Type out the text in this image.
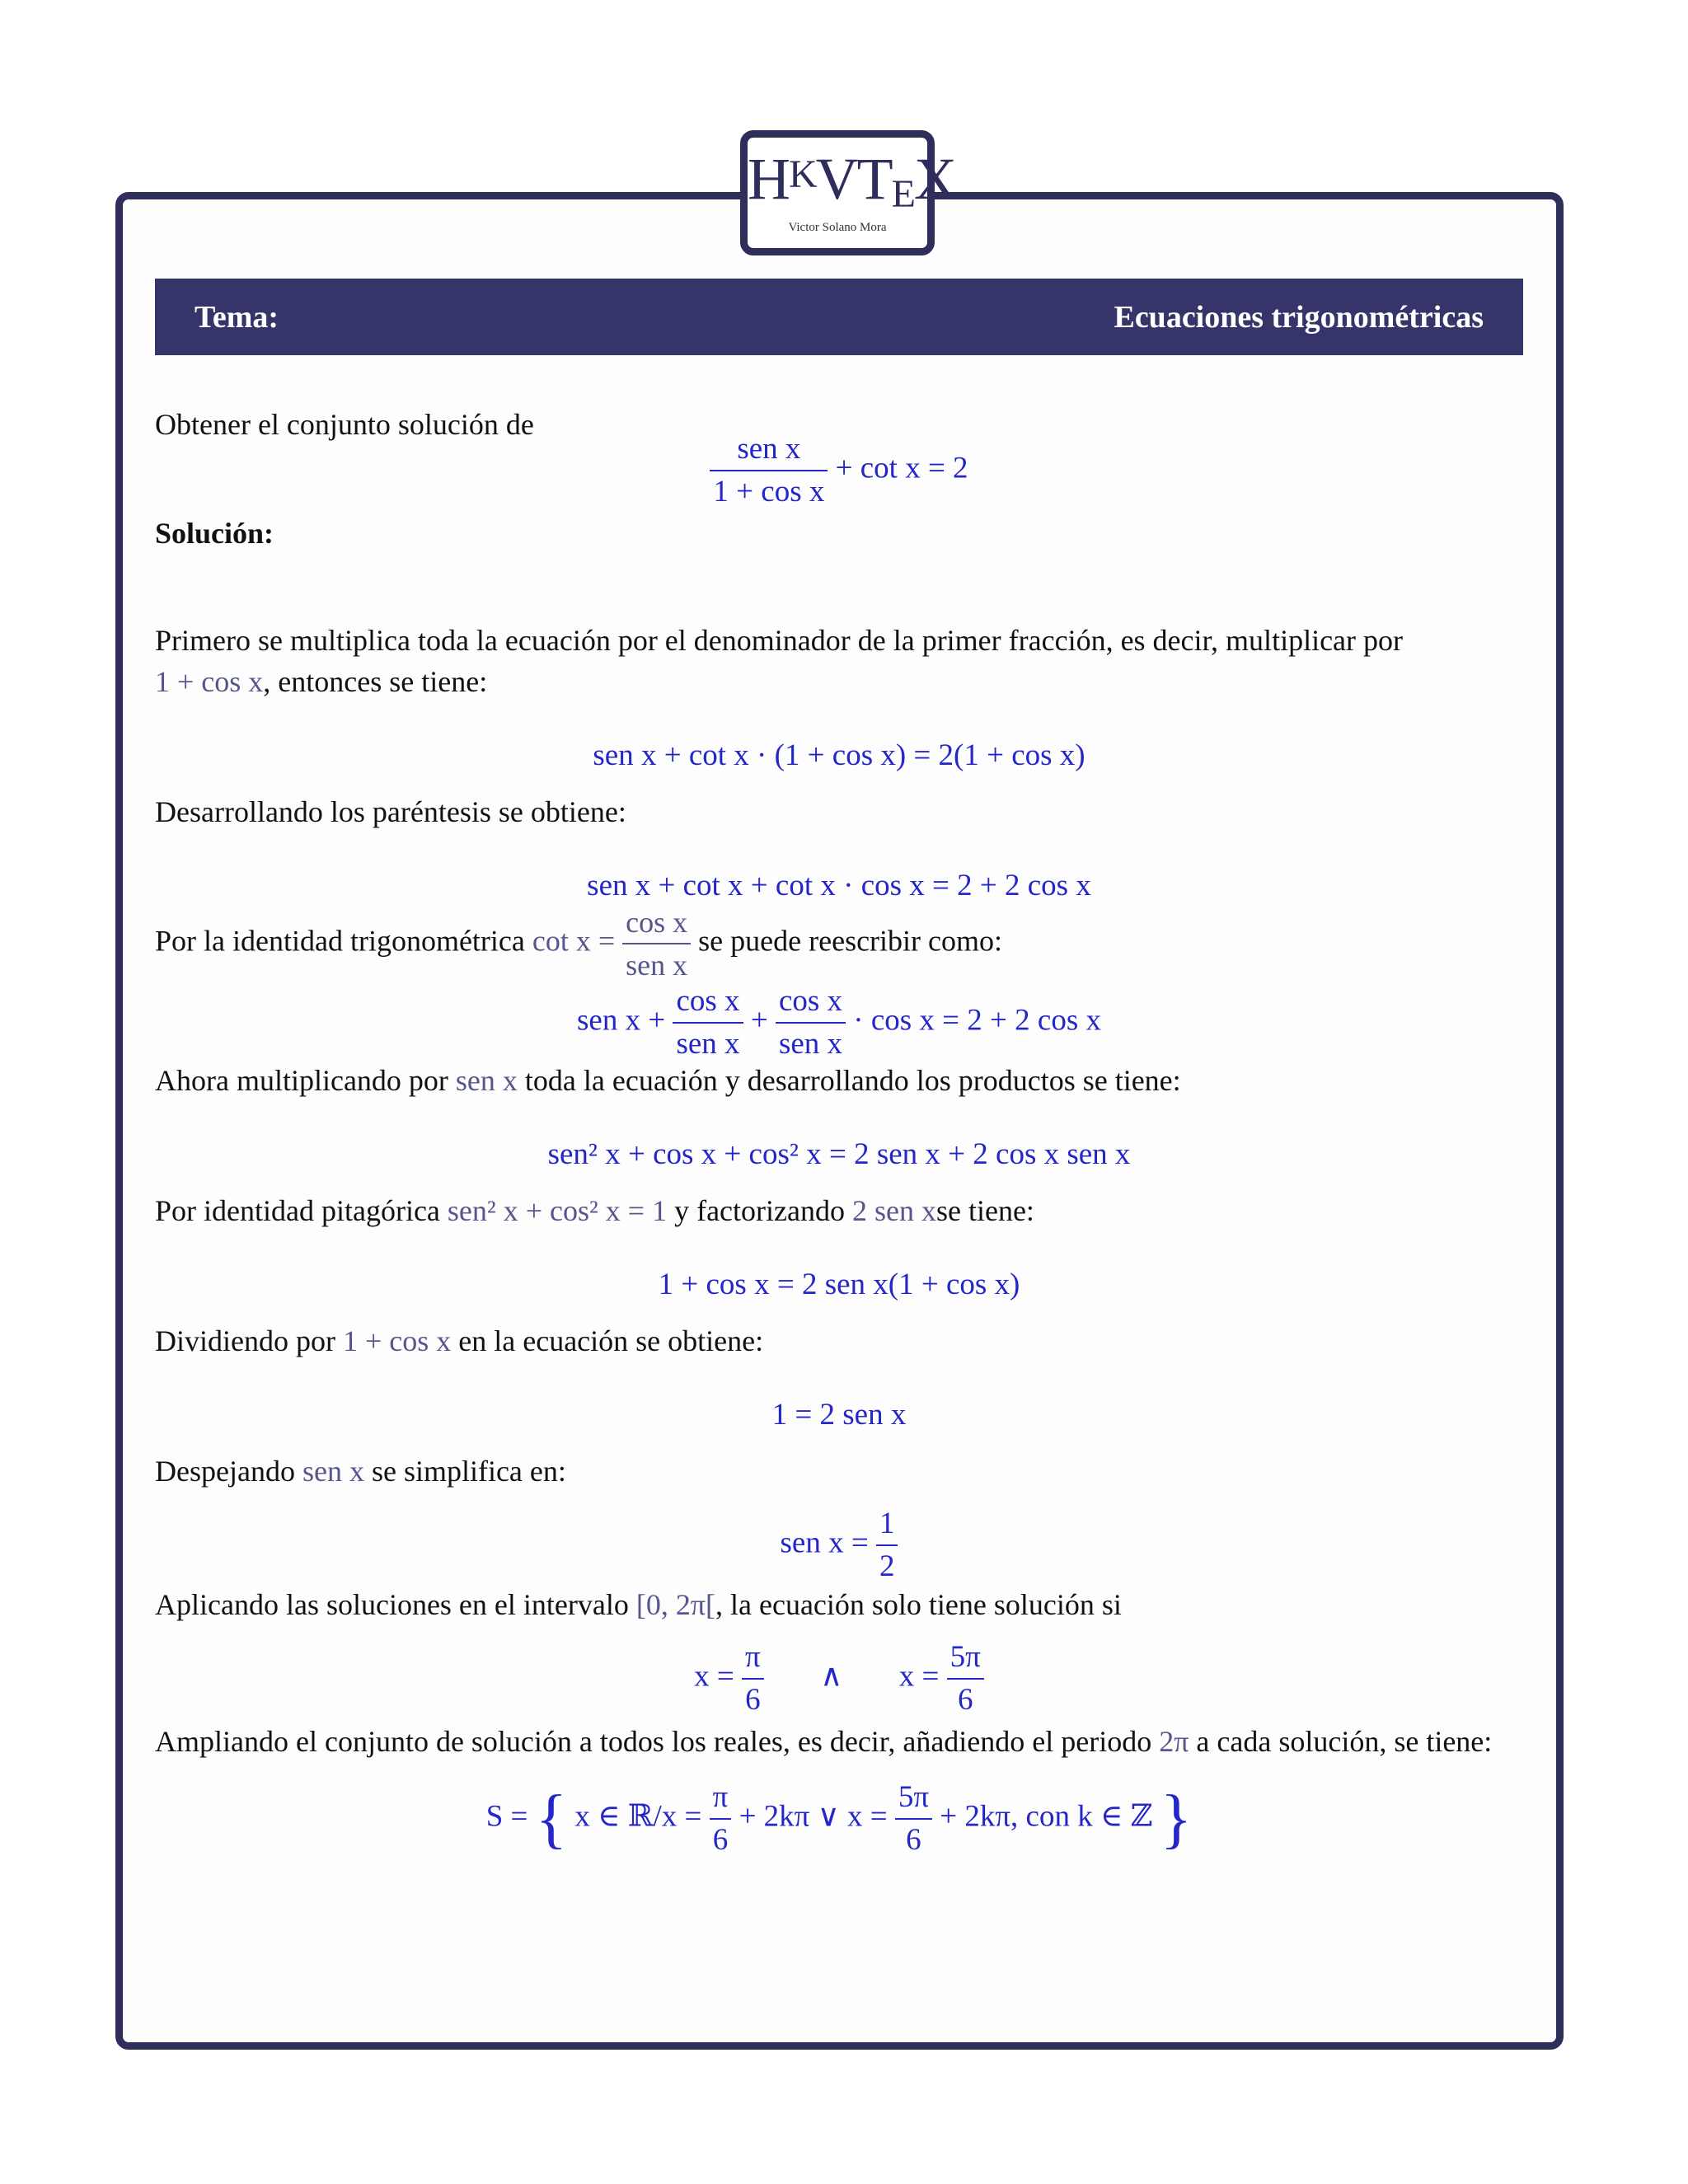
HKVTEX
Victor Solano Mora
Tema:	Ecuaciones trigonométricas

Obtener el conjunto solución de

$\frac{\text{sen x}}{\text{1 + cos x}} + \cot x = 2$

Solución:

Primero se multiplica toda la ecuación por el denominador de la primer fracción, es decir, multiplicar por 1 + cos x, entonces se tiene:

sen x + cot x · (1 + cos x) = 2(1 + cos x)

Desarrollando los paréntesis se obtiene:

sen x + cot x + cot x · cos x = 2 + 2 cos x

Por la identidad trigonométrica $\cot x = \frac{\text{cos x}}{\text{sen x}}$ se puede reescribir como:

sen $x + \frac{\text{cos x}}{\text{sen x}} + \frac{\text{cos x}}{\text{sen x}} \cdot \cos x = 2 + 2$ cos x

Ahora multiplicando por sen x toda la ecuación y desarrollando los productos se tiene:

sen² x + cos x + cos² x = 2 sen x + 2 cos x sen x

Por identidad pitagórica sen² x + cos² x = 1 y factorizando 2 sen xse tiene:

1 + cos x = 2 sen x(1 + cos x)

Dividiendo por 1 + cos x en la ecuación se obtiene:

1 = 2 sen x

Despejando sen x se simplifica en:

sen $x = \frac{1}{2}$

Aplicando las soluciones en el intervalo [0, 2π[, la ecuación solo tiene solución si

$x = \frac{\pi}{6}$ ∧ $x = \frac{5\pi}{6}$

Ampliando el conjunto de solución a todos los reales, es decir, añadiendo el periodo 2π a cada solución, se tiene:

S = { x ∈ ℝ/x = $\frac{\pi}{6} + 2k\pi$ ∨ $x = \frac{5\pi}{6} + 2k\pi$, con k ∈ ℤ }
